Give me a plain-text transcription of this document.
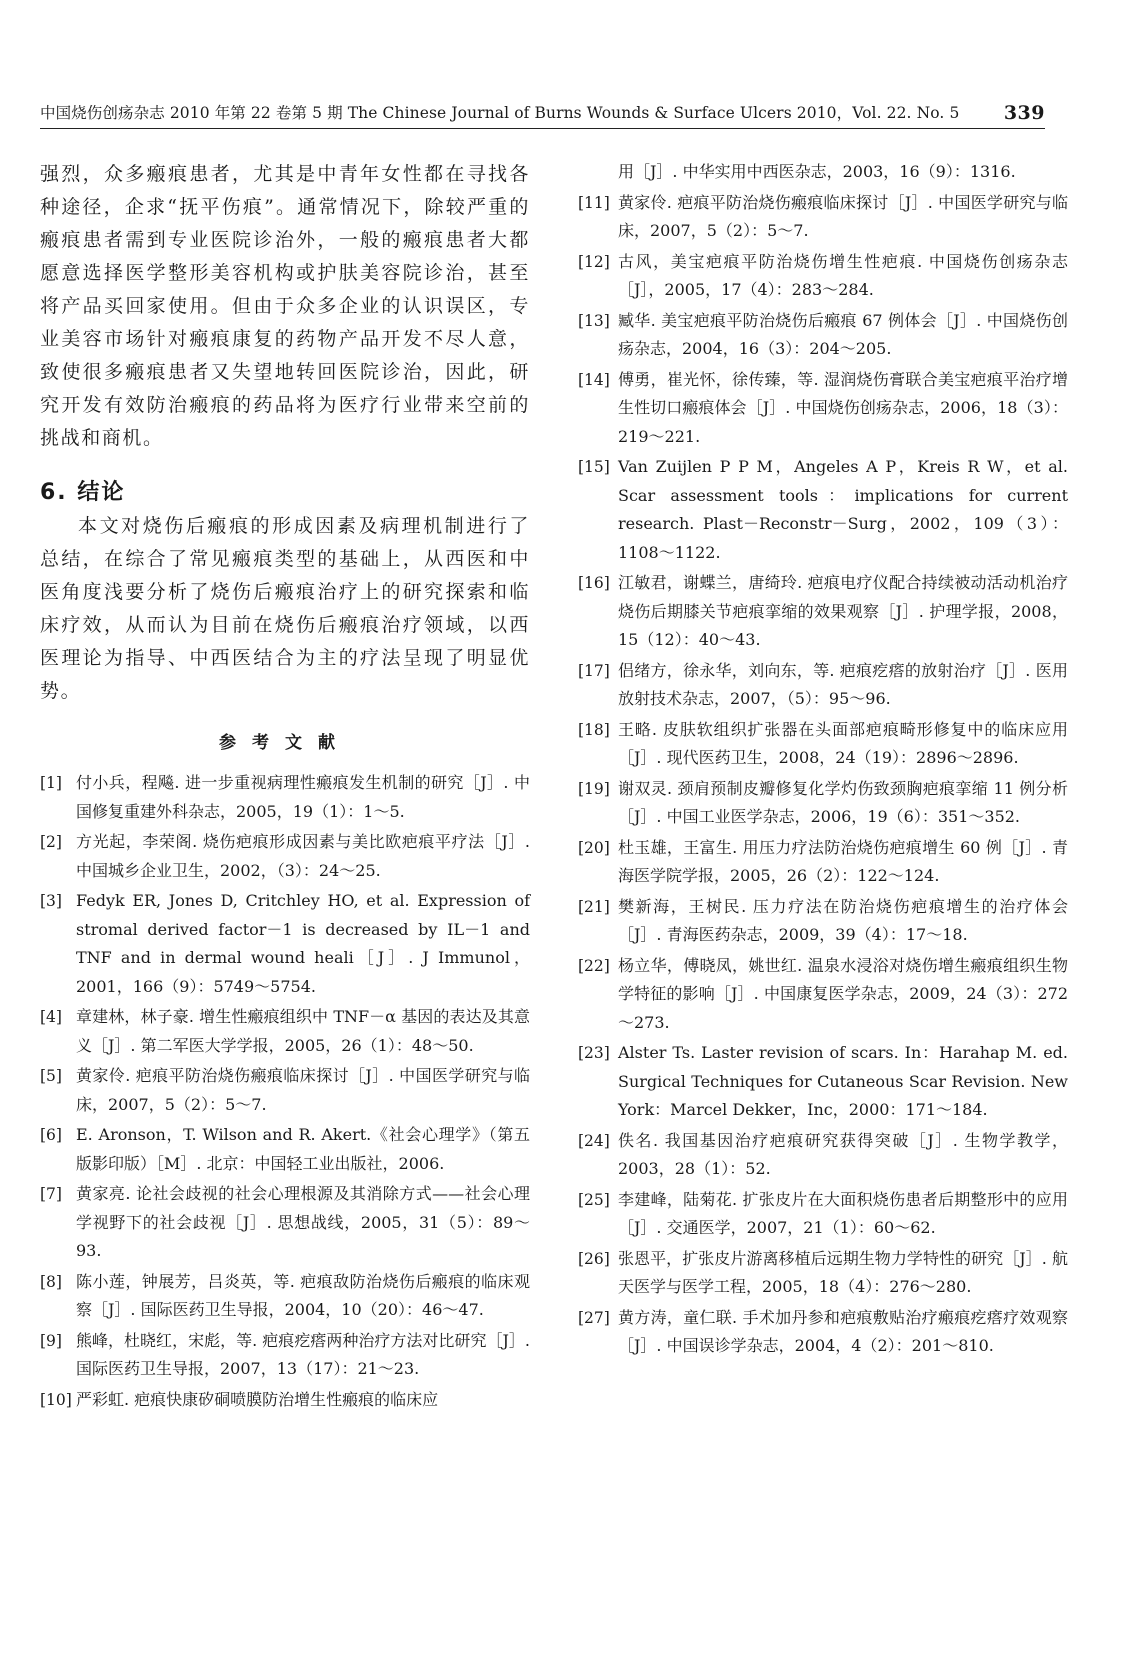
中国烧伤创疡杂志 2010 年第 22 卷第 5 期 The Chinese Journal of Burns Wounds & Surface Ulcers 2010，Vol. 22. No. 5 339

强烈，众多瘢痕患者，尤其是中青年女性都在寻找各种途径，企求“抚平伤痕”。通常情况下，除较严重的瘢痕患者需到专业医院诊治外，一般的瘢痕患者大都愿意选择医学整形美容机构或护肤美容院诊治，甚至将产品买回家使用。但由于众多企业的认识误区，专业美容市场针对瘢痕康复的药物产品开发不尽人意，致使很多瘢痕患者又失望地转回医院诊治，因此，研究开发有效防治瘢痕的药品将为医疗行业带来空前的挑战和商机。

6. 结论

本文对烧伤后瘢痕的形成因素及病理机制进行了总结，在综合了常见瘢痕类型的基础上，从西医和中医角度浅要分析了烧伤后瘢痕治疗上的研究探索和临床疗效，从而认为目前在烧伤后瘢痕治疗领域，以西医理论为指导、中西医结合为主的疗法呈现了明显优势。

参考文献
[1] 付小兵，程飚. 进一步重视病理性瘢痕发生机制的研究［J］. 中国修复重建外科杂志，2005，19（1）：1～5.
[2] 方光起，李荣阁. 烧伤疤痕形成因素与美比欧疤痕平疗法［J］. 中国城乡企业卫生，2002，（3）：24～25.
[3] Fedyk ER, Jones D, Critchley HO, et al. Expression of stromal derived factor－1 is decreased by IL－1 and TNF and in dermal wound heali［J］. J Immunol，2001，166（9）：5749～5754.
[4] 章建林，林子豪. 增生性瘢痕组织中 TNF－α 基因的表达及其意义［J］. 第二军医大学学报，2005，26（1）：48～50.
[5] 黄家伶. 疤痕平防治烧伤瘢痕临床探讨［J］. 中国医学研究与临床，2007，5（2）：5～7.
[6] E. Aronson，T. Wilson and R. Akert.《社会心理学》（第五版影印版）［M］. 北京：中国轻工业出版社，2006.
[7] 黄家亮. 论社会歧视的社会心理根源及其消除方式——社会心理学视野下的社会歧视［J］. 思想战线，2005，31（5）：89～93.
[8] 陈小莲，钟展芳，吕炎英，等. 疤痕敌防治烧伤后瘢痕的临床观察［J］. 国际医药卫生导报，2004，10（20）：46～47.
[9] 熊峰，杜晓红，宋彪，等. 疤痕疙瘩两种治疗方法对比研究［J］. 国际医药卫生导报，2007，13（17）：21～23.
[10] 严彩虹. 疤痕快康矽硐喷膜防治增生性瘢痕的临床应
用［J］. 中华实用中西医杂志，2003，16（9）：1316.
[11] 黄家伶. 疤痕平防治烧伤瘢痕临床探讨［J］. 中国医学研究与临床，2007，5（2）：5～7.
[12] 古风，美宝疤痕平防治烧伤增生性疤痕. 中国烧伤创疡杂志［J］，2005，17（4）：283～284.
[13] 臧华. 美宝疤痕平防治烧伤后瘢痕 67 例体会［J］. 中国烧伤创疡杂志，2004，16（3）：204～205.
[14] 傅勇，崔光怀，徐传臻，等. 湿润烧伤膏联合美宝疤痕平治疗增生性切口瘢痕体会［J］. 中国烧伤创疡杂志，2006，18（3）：219～221.
[15] Van Zuijlen P P M，Angeles A P，Kreis R W，et al. Scar assessment tools：implications for current research. Plast－Reconstr－Surg，2002，109（3）：1108～1122.
[16] 江敏君，谢蝶兰，唐绮玲. 疤痕电疗仪配合持续被动活动机治疗烧伤后期膝关节疤痕挛缩的效果观察［J］. 护理学报，2008，15（12）：40～43.
[17] 侣绪方，徐永华，刘向东，等. 疤痕疙瘩的放射治疗［J］. 医用放射技术杂志，2007，（5）：95～96.
[18] 王略. 皮肤软组织扩张器在头面部疤痕畸形修复中的临床应用［J］. 现代医药卫生，2008，24（19）：2896～2896.
[19] 谢双灵. 颈肩预制皮瓣修复化学灼伤致颈胸疤痕挛缩 11 例分析［J］. 中国工业医学杂志，2006，19（6）：351～352.
[20] 杜玉雄，王富生. 用压力疗法防治烧伤疤痕增生 60 例［J］. 青海医学院学报，2005，26（2）：122～124.
[21] 樊新海，王树民. 压力疗法在防治烧伤疤痕增生的治疗体会［J］. 青海医药杂志，2009，39（4）：17～18.
[22] 杨立华，傅晓凤，姚世红. 温泉水浸浴对烧伤增生瘢痕组织生物学特征的影响［J］. 中国康复医学杂志，2009，24（3）：272～273.
[23] Alster Ts. Laster revision of scars. In：Harahap M. ed. Surgical Techniques for Cutaneous Scar Revision. New York：Marcel Dekker，Inc，2000：171～184.
[24] 佚名. 我国基因治疗疤痕研究获得突破［J］. 生物学教学，2003，28（1）：52.
[25] 李建峰，陆菊花. 扩张皮片在大面积烧伤患者后期整形中的应用［J］. 交通医学，2007，21（1）：60～62.
[26] 张恩平，扩张皮片游离移植后远期生物力学特性的研究［J］. 航天医学与医学工程，2005，18（4）：276～280.
[27] 黄方涛，童仁联. 手术加丹参和疤痕敷贴治疗瘢痕疙瘩疗效观察［J］. 中国误诊学杂志，2004，4（2）：201～810.
